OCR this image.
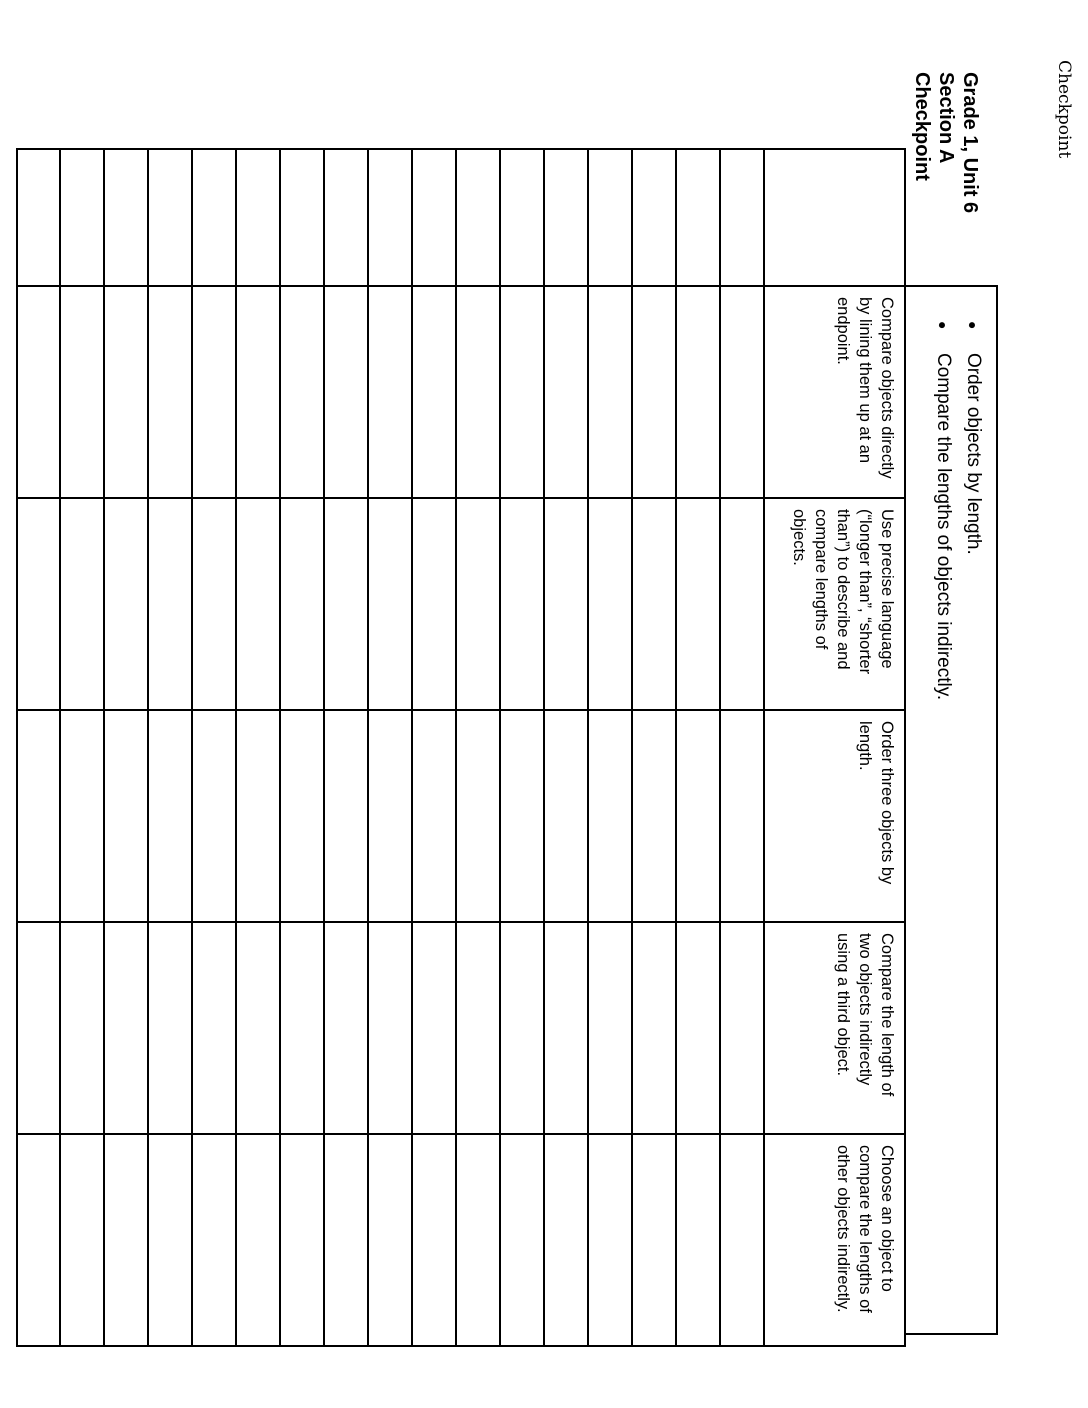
Checkpoint
Grade 1, Unit 6
Section A
Checkpoint
● Order objects by length.
● Compare the lengths of objects indirectly.
	Compare objects directly by lining them up at an endpoint.	Use precise language (“longer than”, “shorter than”) to describe and compare lengths of objects.	Order three objects by length.	Compare the length of two objects indirectly using a third object.	Choose an object to compare the lengths of other objects indirectly.
